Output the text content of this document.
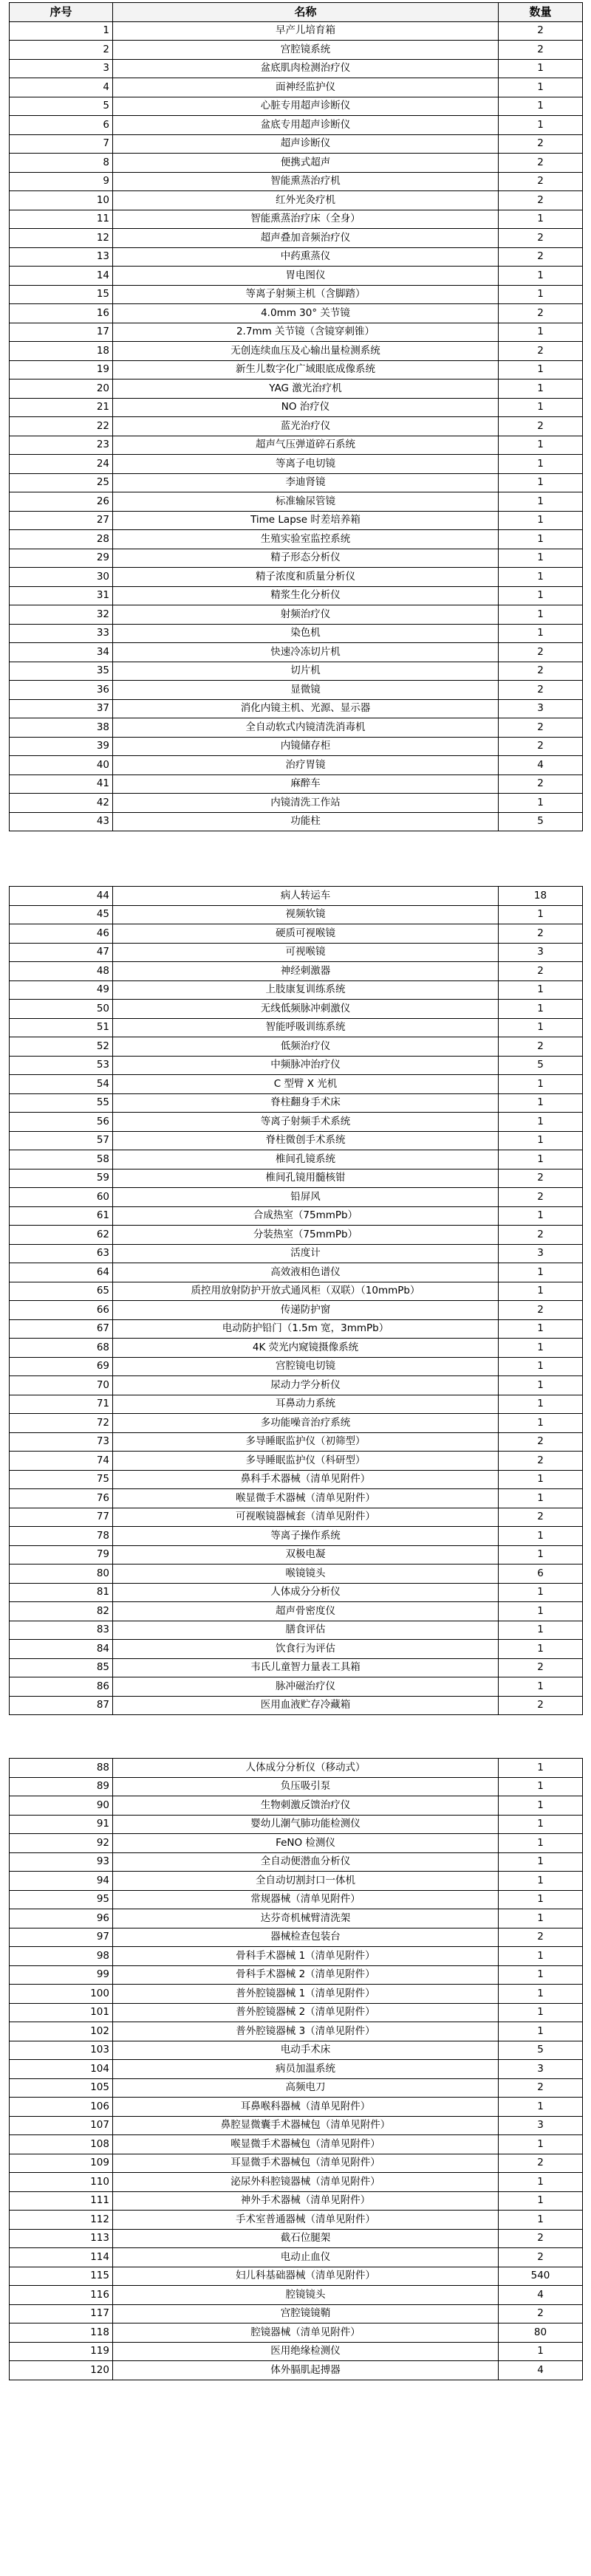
序号	名称	数量
1	早产儿培育箱	2
2	宫腔镜系统	2
3	盆底肌肉检测治疗仪	1
4	面神经监护仪	1
5	心脏专用超声诊断仪	1
6	盆底专用超声诊断仪	1
7	超声诊断仪	2
8	便携式超声	2
9	智能熏蒸治疗机	2
10	红外光灸疗机	2
11	智能熏蒸治疗床（全身）	1
12	超声叠加音频治疗仪	2
13	中药熏蒸仪	2
14	胃电图仪	1
15	等离子射频主机（含脚踏）	1
16	4.0mm 30° 关节镜	2
17	2.7mm 关节镜（含镜穿刺锥）	1
18	无创连续血压及心输出量检测系统	2
19	新生儿数字化广域眼底成像系统	1
20	YAG 激光治疗机	1
21	NO 治疗仪	1
22	蓝光治疗仪	2
23	超声气压弹道碎石系统	1
24	等离子电切镜	1
25	李迪肾镜	1
26	标准输尿管镜	1
27	Time Lapse 时差培养箱	1
28	生殖实验室监控系统	1
29	精子形态分析仪	1
30	精子浓度和质量分析仪	1
31	精浆生化分析仪	1
32	射频治疗仪	1
33	染色机	1
34	快速冷冻切片机	2
35	切片机	2
36	显微镜	2
37	消化内镜主机、光源、显示器	3
38	全自动软式内镜清洗消毒机	2
39	内镜储存柜	2
40	治疗胃镜	4
41	麻醉车	2
42	内镜清洗工作站	1
43	功能柱	5
44	病人转运车	18
45	视频软镜	1
46	硬质可视喉镜	2
47	可视喉镜	3
48	神经刺激器	2
49	上肢康复训练系统	1
50	无线低频脉冲刺激仪	1
51	智能呼吸训练系统	1
52	低频治疗仪	2
53	中频脉冲治疗仪	5
54	C 型臂 X 光机	1
55	脊柱翻身手术床	1
56	等离子射频手术系统	1
57	脊柱微创手术系统	1
58	椎间孔镜系统	1
59	椎间孔镜用髓核钳	2
60	铅屏风	2
61	合成热室（75mmPb）	1
62	分装热室（75mmPb）	2
63	活度计	3
64	高效液相色谱仪	1
65	质控用放射防护开放式通风柜（双联）（10mmPb）	1
66	传递防护窗	2
67	电动防护铅门（1.5m 宽，3mmPb）	1
68	4K 荧光内窥镜摄像系统	1
69	宫腔镜电切镜	1
70	尿动力学分析仪	1
71	耳鼻动力系统	1
72	多功能噪音治疗系统	1
73	多导睡眠监护仪（初筛型）	2
74	多导睡眠监护仪（科研型）	2
75	鼻科手术器械（清单见附件）	1
76	喉显微手术器械（清单见附件）	1
77	可视喉镜器械套（清单见附件）	2
78	等离子操作系统	1
79	双极电凝	1
80	喉镜镜头	6
81	人体成分分析仪	1
82	超声骨密度仪	1
83	膳食评估	1
84	饮食行为评估	1
85	韦氏儿童智力量表工具箱	2
86	脉冲磁治疗仪	1
87	医用血液贮存冷藏箱	2
88	人体成分分析仪（移动式）	1
89	负压吸引泵	1
90	生物刺激反馈治疗仪	1
91	婴幼儿潮气肺功能检测仪	1
92	FeNO 检测仪	1
93	全自动便潜血分析仪	1
94	全自动切割封口一体机	1
95	常规器械（清单见附件）	1
96	达芬奇机械臂清洗架	1
97	器械检查包装台	2
98	骨科手术器械 1（清单见附件）	1
99	骨科手术器械 2（清单见附件）	1
100	普外腔镜器械 1（清单见附件）	1
101	普外腔镜器械 2（清单见附件）	1
102	普外腔镜器械 3（清单见附件）	1
103	电动手术床	5
104	病员加温系统	3
105	高频电刀	2
106	耳鼻喉科器械（清单见附件）	1
107	鼻腔显微囊手术器械包（清单见附件）	3
108	喉显微手术器械包（清单见附件）	1
109	耳显微手术器械包（清单见附件）	2
110	泌尿外科腔镜器械（清单见附件）	1
111	神外手术器械（清单见附件）	1
112	手术室普通器械（清单见附件）	1
113	截石位腿架	2
114	电动止血仪	2
115	妇儿科基础器械（清单见附件）	540
116	腔镜镜头	4
117	宫腔镜镜鞘	2
118	腔镜器械（清单见附件）	80
119	医用绝缘检测仪	1
120	体外膈肌起搏器	4
